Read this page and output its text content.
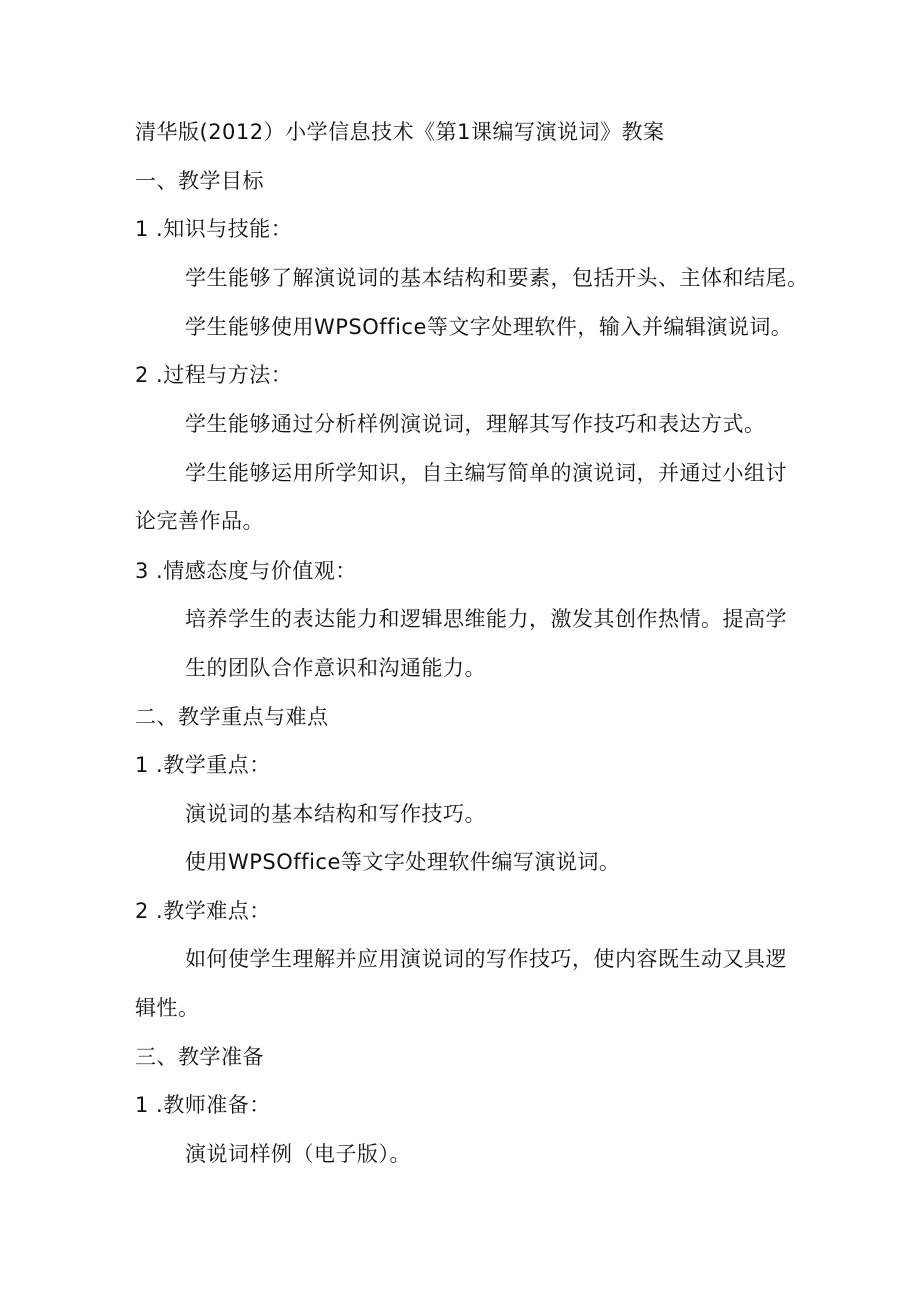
清华版(2012）小学信息技术《第1课编写演说词》教案
一、教学目标
1 .知识与技能：
学生能够了解演说词的基本结构和要素，包括开头、主体和结尾。
学生能够使用WPSOffice等文字处理软件，输入并编辑演说词。
2 .过程与方法：
学生能够通过分析样例演说词，理解其写作技巧和表达方式。
学生能够运用所学知识，自主编写简单的演说词，并通过小组讨
论完善作品。
3 .情感态度与价值观：
培养学生的表达能力和逻辑思维能力，激发其创作热情。提高学
生的团队合作意识和沟通能力。
二、教学重点与难点
1 .教学重点：
演说词的基本结构和写作技巧。
使用WPSOffice等文字处理软件编写演说词。
2 .教学难点：
如何使学生理解并应用演说词的写作技巧，使内容既生动又具逻
辑性。
三、教学准备
1 .教师准备：
演说词样例（电子版）。
